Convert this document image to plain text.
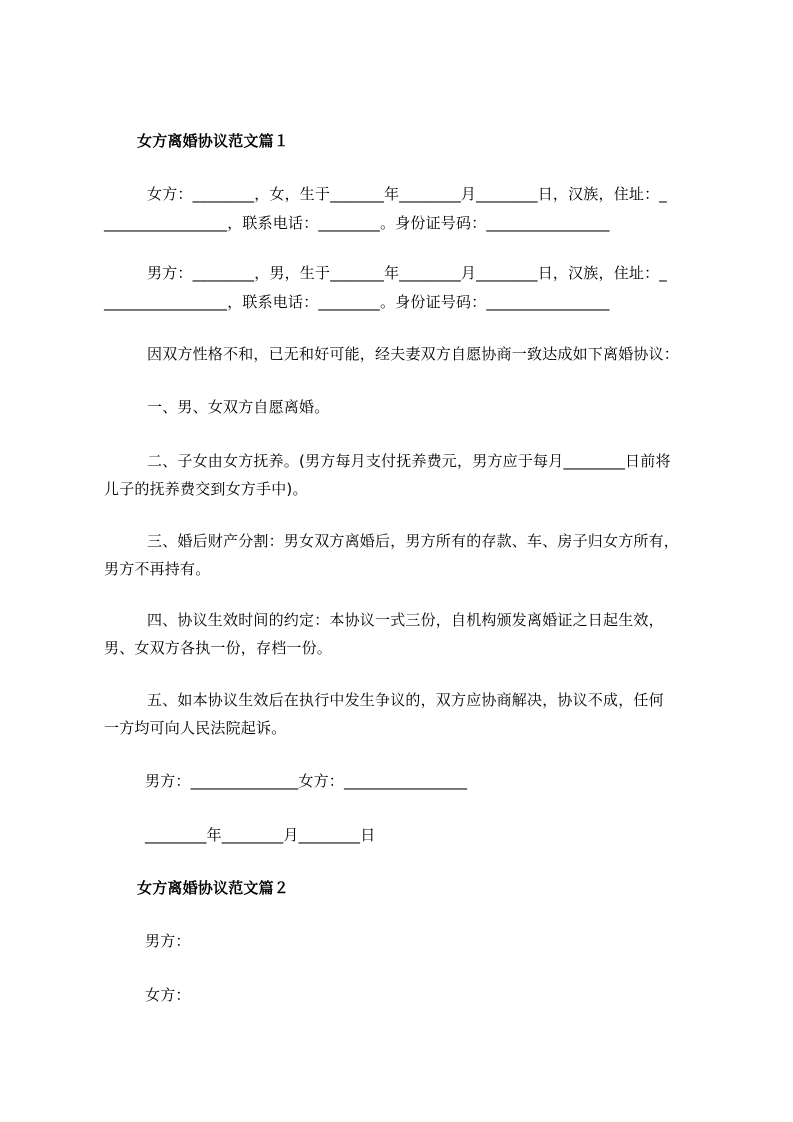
女方离婚协议范文篇１
女方：________，女，生于_______年________月________日，汉族，住址：_
________________，联系电话：________。身份证号码：________________
男方：________，男，生于_______年________月________日，汉族，住址：_
________________，联系电话：________。身份证号码：________________
因双方性格不和，已无和好可能，经夫妻双方自愿协商一致达成如下离婚协议：
一、男、女双方自愿离婚。
二、子女由女方抚养。(男方每月支付抚养费元，男方应于每月________日前将
儿子的抚养费交到女方手中)。
三、婚后财产分割：男女双方离婚后，男方所有的存款、车、房子归女方所有，
男方不再持有。
四、协议生效时间的约定：本协议一式三份，自机构颁发离婚证之日起生效，
男、女双方各执一份，存档一份。
五、如本协议生效后在执行中发生争议的，双方应协商解决，协议不成，任何
一方均可向人民法院起诉。
男方：______________女方：________________
________年________月________日
女方离婚协议范文篇２
男方：
女方：
